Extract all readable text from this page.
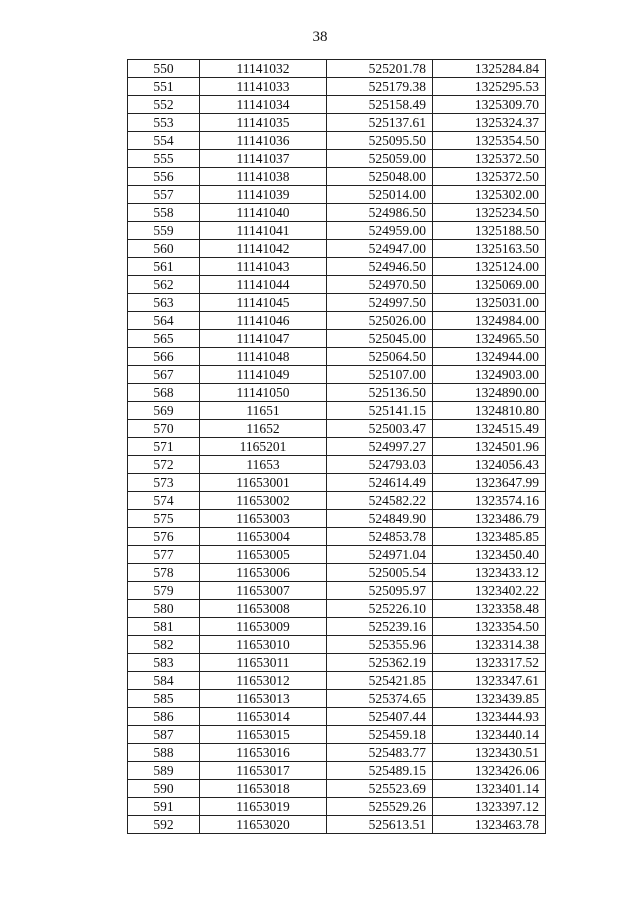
38
550	11141032	525201.78	1325284.84
551	11141033	525179.38	1325295.53
552	11141034	525158.49	1325309.70
553	11141035	525137.61	1325324.37
554	11141036	525095.50	1325354.50
555	11141037	525059.00	1325372.50
556	11141038	525048.00	1325372.50
557	11141039	525014.00	1325302.00
558	11141040	524986.50	1325234.50
559	11141041	524959.00	1325188.50
560	11141042	524947.00	1325163.50
561	11141043	524946.50	1325124.00
562	11141044	524970.50	1325069.00
563	11141045	524997.50	1325031.00
564	11141046	525026.00	1324984.00
565	11141047	525045.00	1324965.50
566	11141048	525064.50	1324944.00
567	11141049	525107.00	1324903.00
568	11141050	525136.50	1324890.00
569	11651	525141.15	1324810.80
570	11652	525003.47	1324515.49
571	1165201	524997.27	1324501.96
572	11653	524793.03	1324056.43
573	11653001	524614.49	1323647.99
574	11653002	524582.22	1323574.16
575	11653003	524849.90	1323486.79
576	11653004	524853.78	1323485.85
577	11653005	524971.04	1323450.40
578	11653006	525005.54	1323433.12
579	11653007	525095.97	1323402.22
580	11653008	525226.10	1323358.48
581	11653009	525239.16	1323354.50
582	11653010	525355.96	1323314.38
583	11653011	525362.19	1323317.52
584	11653012	525421.85	1323347.61
585	11653013	525374.65	1323439.85
586	11653014	525407.44	1323444.93
587	11653015	525459.18	1323440.14
588	11653016	525483.77	1323430.51
589	11653017	525489.15	1323426.06
590	11653018	525523.69	1323401.14
591	11653019	525529.26	1323397.12
592	11653020	525613.51	1323463.78
